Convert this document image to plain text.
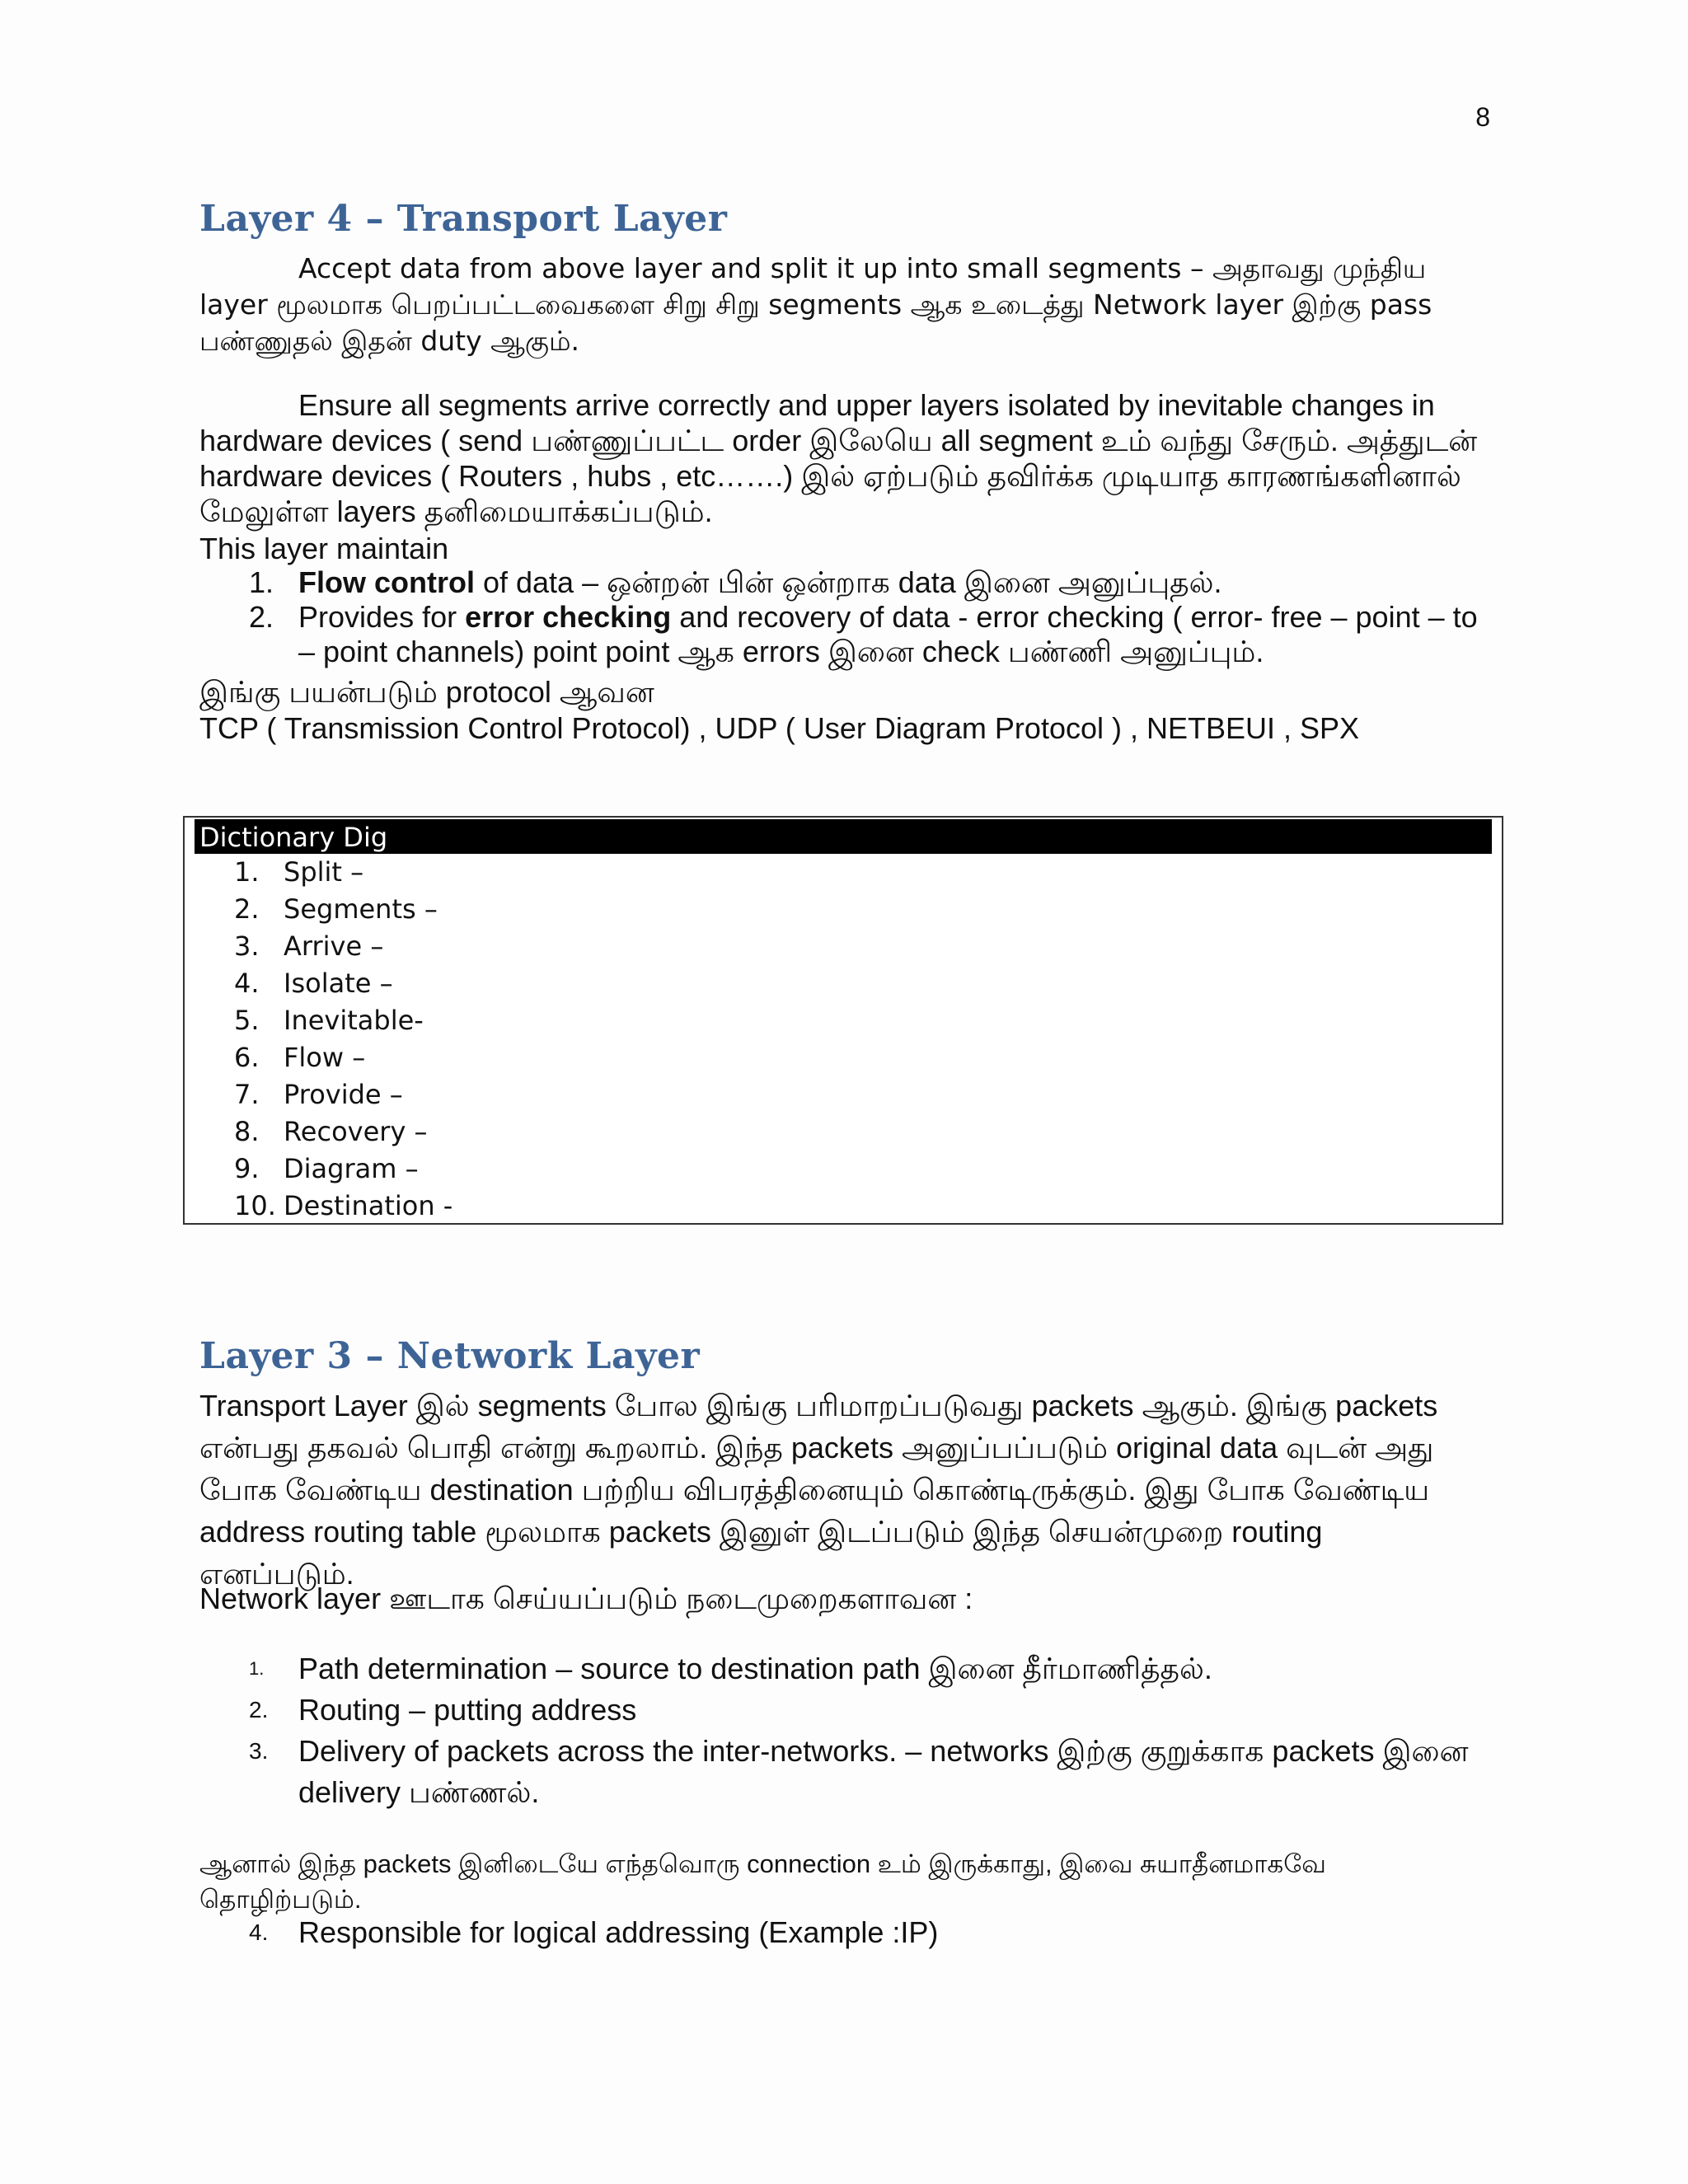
8
Layer 4 – Transport Layer

Accept data from above layer and split it up into small segments – அதாவது முந்திய layer மூலமாக பெறப்பட்டவைகளை சிறு சிறு segments ஆக உடைத்து Network layer இற்கு pass பண்ணுதல் இதன் duty ஆகும்.

Ensure all segments arrive correctly and upper layers isolated by inevitable changes in hardware devices ( send பண்ணுப்பட்ட order இலேயெ all segment உம் வந்து சேரும். அத்துடன் hardware devices ( Routers , hubs , etc…….) இல் ஏற்படும் தவிர்க்க முடியாத காரணங்களினால் மேலுள்ள layers தனிமையாக்கப்படும்.

This layer maintain

1. Flow control of data – ஒன்றன் பின் ஒன்றாக data இனை அனுப்புதல்.
2. Provides for error checking and recovery of data - error checking ( error- free – point – to – point channels) point point ஆக errors இனை check பண்ணி அனுப்பும்.

இங்கு பயன்படும் protocol ஆவன

TCP ( Transmission Control Protocol) , UDP ( User Diagram Protocol ) , NETBEUI , SPX

Dictionary Dig
1. Split –
2. Segments –
3. Arrive –
4. Isolate –
5. Inevitable-
6. Flow –
7. Provide –
8. Recovery –
9. Diagram –
10. Destination -
Layer 3 – Network Layer

Transport Layer இல் segments போல இங்கு பரிமாறப்படுவது packets ஆகும். இங்கு packets என்பது தகவல் பொதி என்று கூறலாம். இந்த packets அனுப்பப்படும் original data வுடன் அது போக வேண்டிய destination பற்றிய விபரத்தினையும் கொண்டிருக்கும். இது போக வேண்டிய address routing table மூலமாக packets இனுள் இடப்படும் இந்த செயன்முறை routing எனப்படும்.

Network layer ஊடாக செய்யப்படும் நடைமுறைகளாவன :

1.	Path determination – source to destination path இனை தீர்மாணித்தல்.
2.	Routing – putting address
3.	Delivery of packets across the inter-networks. – networks இற்கு குறுக்காக packets இனை delivery பண்ணல்.

ஆனால் இந்த packets இனிடையே எந்தவொரு connection உம் இருக்காது, இவை சுயாதீனமாகவே தொழிற்படும்.

4.	Responsible for logical addressing (Example :IP)
